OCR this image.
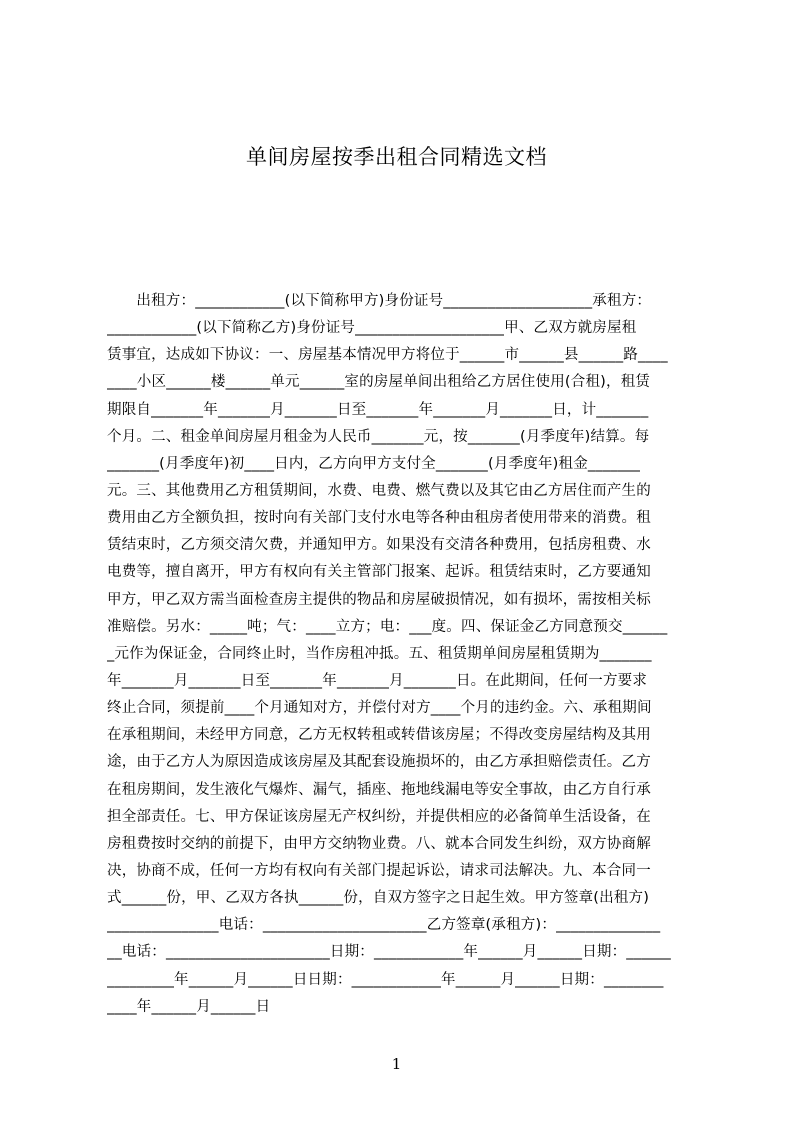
单间房屋按季出租合同精选文档
　　出租方：____________(以下简称甲方)身份证号____________________承租方：
____________(以下简称乙方)身份证号____________________甲、乙双方就房屋租
赁事宜，达成如下协议：一、房屋基本情况甲方将位于______市______县______路____
____小区______楼______单元______室的房屋单间出租给乙方居住使用(合租)，租赁
期限自_______年_______月_______日至_______年_______月_______日，计_______
个月。二、租金单间房屋月租金为人民币_______元，按_______(月季度年)结算。每
_______(月季度年)初____日内，乙方向甲方支付全_______(月季度年)租金_______
元。三、其他费用乙方租赁期间，水费、电费、燃气费以及其它由乙方居住而产生的
费用由乙方全额负担，按时向有关部门支付水电等各种由租房者使用带来的消费。租
赁结束时，乙方须交清欠费，并通知甲方。如果没有交清各种费用，包括房租费、水
电费等，擅自离开，甲方有权向有关主管部门报案、起诉。租赁结束时，乙方要通知
甲方，甲乙双方需当面检查房主提供的物品和房屋破损情况，如有损坏，需按相关标
准赔偿。另水：_____吨；气：____立方；电：___度。四、保证金乙方同意预交______
_元作为保证金，合同终止时，当作房租冲抵。五、租赁期单间房屋租赁期为_______
年_______月_______日至_______年_______月_______日。在此期间，任何一方要求
终止合同，须提前____个月通知对方，并偿付对方____个月的违约金。六、承租期间
在承租期间，未经甲方同意，乙方无权转租或转借该房屋；不得改变房屋结构及其用
途，由于乙方人为原因造成该房屋及其配套设施损坏的，由乙方承担赔偿责任。乙方
在租房期间，发生液化气爆炸、漏气，插座、拖地线漏电等安全事故，由乙方自行承
担全部责任。七、甲方保证该房屋无产权纠纷，并提供相应的必备简单生活设备，在
房租费按时交纳的前提下，由甲方交纳物业费。八、就本合同发生纠纷，双方协商解
决，协商不成，任何一方均有权向有关部门提起诉讼，请求司法解决。九、本合同一
式______份，甲、乙双方各执______份，自双方签字之日起生效。甲方签章(出租方)
_______________电话：______________________乙方签章(承租方)：______________
__电话：______________________日期：____________年______月______日期：______
_________年______月______日日期：____________年______月______日期：________
____年______月______日
1
